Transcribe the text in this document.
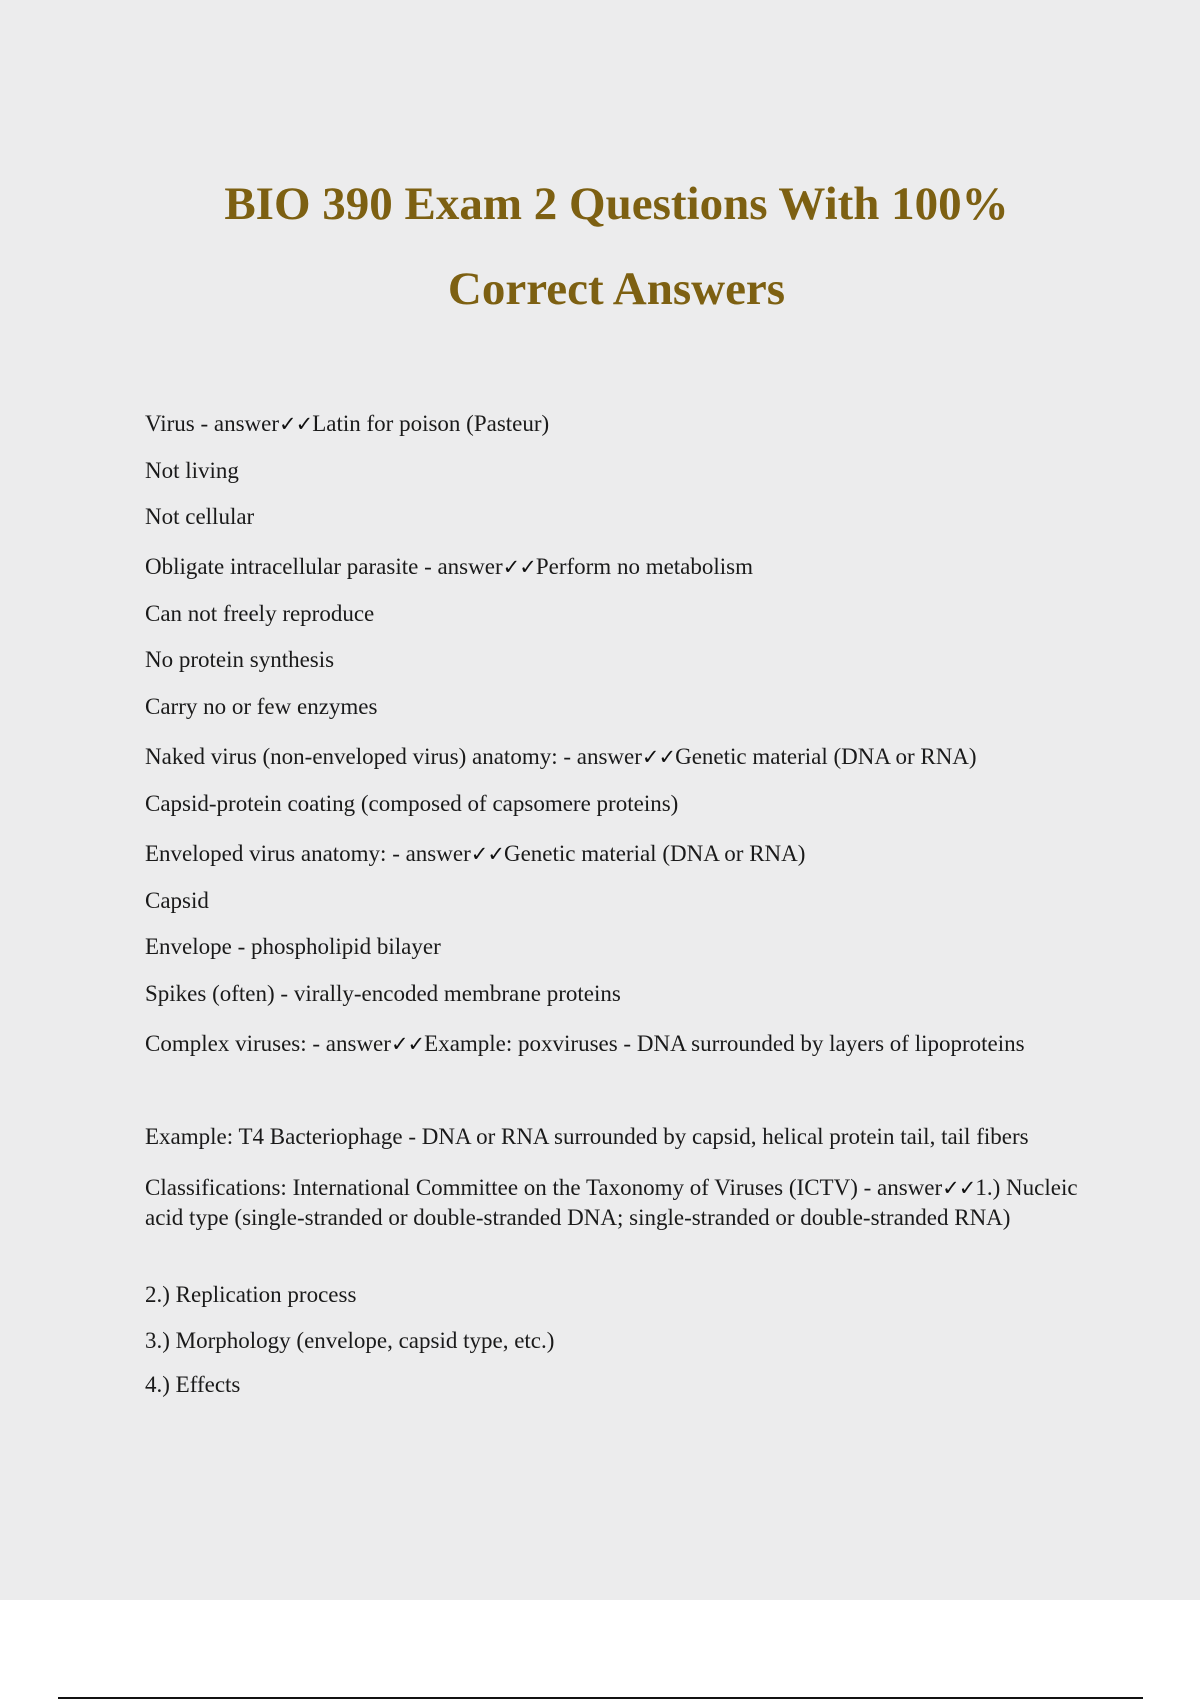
BIO 390 Exam 2 Questions With 100%
Correct Answers

Virus - answer✓✓Latin for poison (Pasteur)

Not living

Not cellular

Obligate intracellular parasite - answer✓✓Perform no metabolism

Can not freely reproduce

No protein synthesis

Carry no or few enzymes

Naked virus (non-enveloped virus) anatomy: - answer✓✓Genetic material (DNA or RNA)

Capsid-protein coating (composed of capsomere proteins)

Enveloped virus anatomy: - answer✓✓Genetic material (DNA or RNA)

Capsid

Envelope - phospholipid bilayer

Spikes (often) - virally-encoded membrane proteins

Complex viruses: - answer✓✓Example: poxviruses - DNA surrounded by layers of lipoproteins

Example: T4 Bacteriophage - DNA or RNA surrounded by capsid, helical protein tail, tail fibers

Classifications: International Committee on the Taxonomy of Viruses (ICTV) - answer✓✓1.) Nucleic acid type (single-stranded or double-stranded DNA; single-stranded or double-stranded RNA)

2.) Replication process

3.) Morphology (envelope, capsid type, etc.)

4.) Effects
